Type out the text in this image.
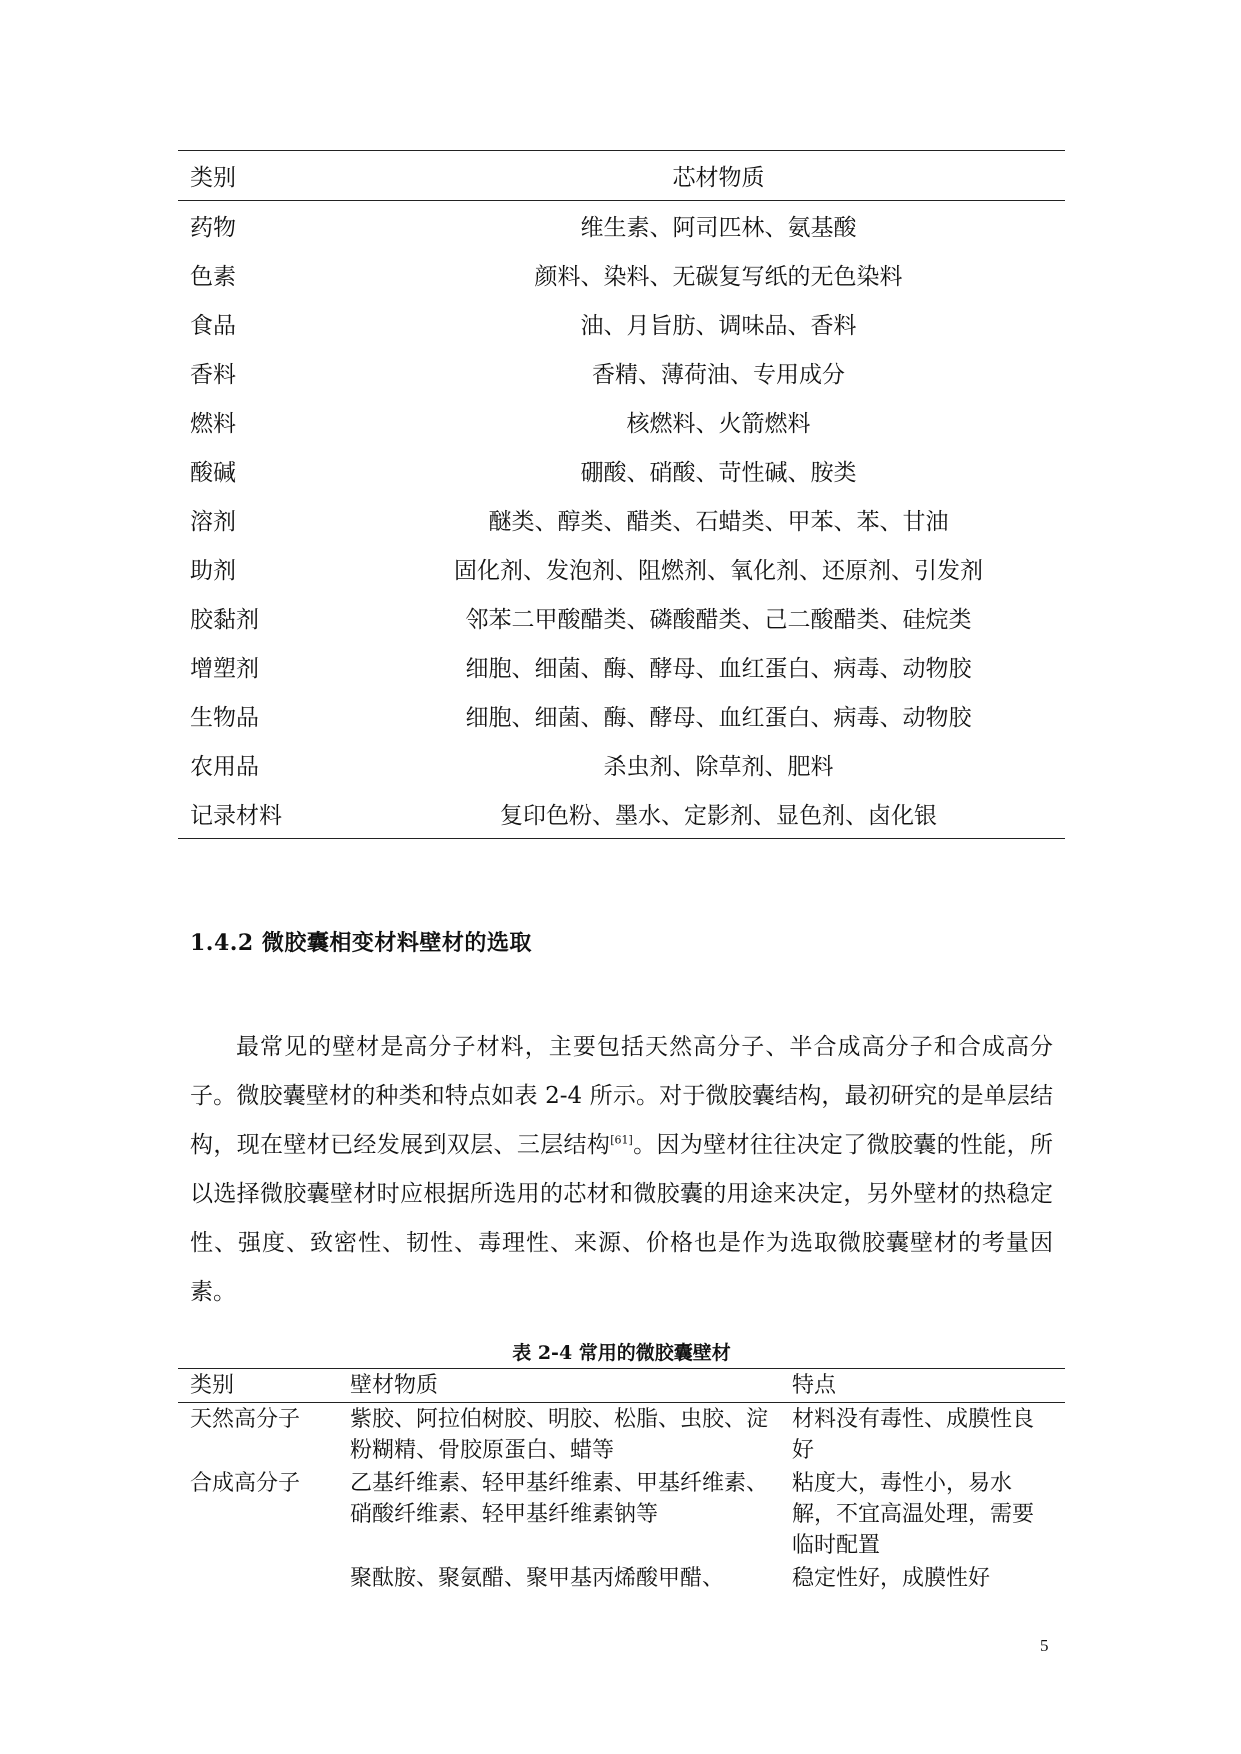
类别	芯材物质
药物	维生素、阿司匹林、氨基酸
色素	颜料、染料、无碳复写纸的无色染料
食品	油、月旨肪、调味品、香料
香料	香精、薄荷油、专用成分
燃料	核燃料、火箭燃料
酸碱	硼酸、硝酸、苛性碱、胺类
溶剂	醚类、醇类、醋类、石蜡类、甲苯、苯、甘油
助剂	固化剂、发泡剂、阻燃剂、氧化剂、还原剂、引发剂
胶黏剂	邻苯二甲酸醋类、磷酸醋类、己二酸醋类、硅烷类
增塑剂	细胞、细菌、酶、酵母、血红蛋白、病毒、动物胶
生物品	细胞、细菌、酶、酵母、血红蛋白、病毒、动物胶
农用品	杀虫剂、除草剂、肥料
记录材料	复印色粉、墨水、定影剂、显色剂、卤化银
1.4.2 微胶囊相变材料壁材的选取

最常见的壁材是高分子材料，主要包括天然高分子、半合成高分子和合成高分子。微胶囊壁材的种类和特点如表 2-4 所示。对于微胶囊结构，最初研究的是单层结构，现在壁材已经发展到双层、三层结构[61]。因为壁材往往决定了微胶囊的性能，所以选择微胶囊壁材时应根据所选用的芯材和微胶囊的用途来决定，另外壁材的热稳定性、强度、致密性、韧性、毒理性、来源、价格也是作为选取微胶囊壁材的考量因素。

表 2-4 常用的微胶囊壁材
类别	壁材物质	特点
天然高分子	紫胶、阿拉伯树胶、明胶、松脂、虫胶、淀粉糊精、骨胶原蛋白、蜡等	材料没有毒性、成膜性良好
合成高分子	乙基纤维素、轻甲基纤维素、甲基纤维素、硝酸纤维素、轻甲基纤维素钠等	粘度大，毒性小，易水解，不宜高温处理，需要临时配置
	聚酞胺、聚氨醋、聚甲基丙烯酸甲醋、	稳定性好，成膜性好
5
